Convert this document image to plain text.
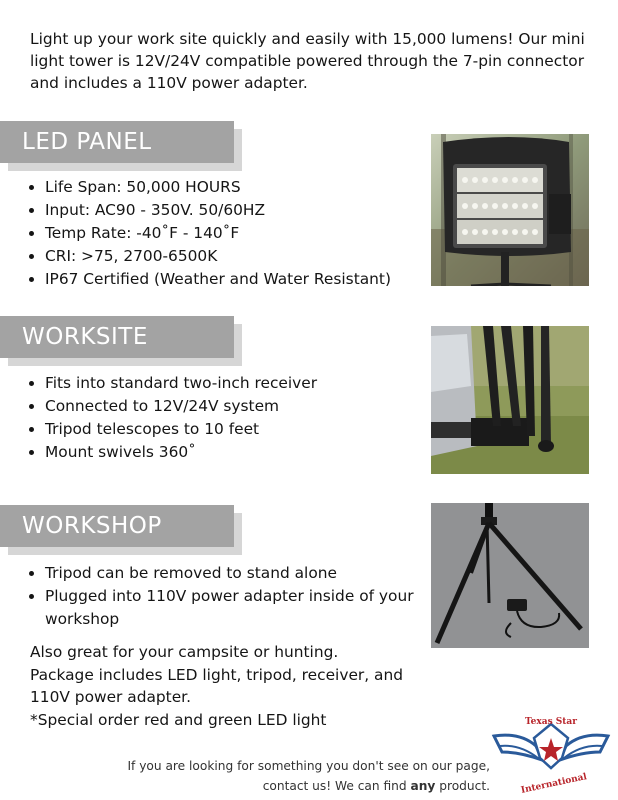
Light up your work site quickly and easily with 15,000 lumens! Our mini light tower is 12V/24V compatible powered through the 7-pin connector and includes a 110V power adapter.
LED PANEL
• Life Span: 50,000 HOURS
• Input: AC90 - 350V. 50/60HZ
• Temp Rate: -40˚F - 140˚F
• CRI: >75, 2700-6500K
• IP67 Certified (Weather and Water Resistant)
WORKSITE
• Fits into standard two-inch receiver
• Connected to 12V/24V system
• Tripod telescopes to 10 feet
• Mount swivels 360˚
WORKSHOP
• Tripod can be removed to stand alone
• Plugged into 110V power adapter inside of your workshop
Also great for your campsite or hunting.
Package includes LED light, tripod, receiver, and
110V power adapter.
*Special order red and green LED light
If you are looking for something you don't see on our page,
contact us! We can find any product.
Texas Star
International
